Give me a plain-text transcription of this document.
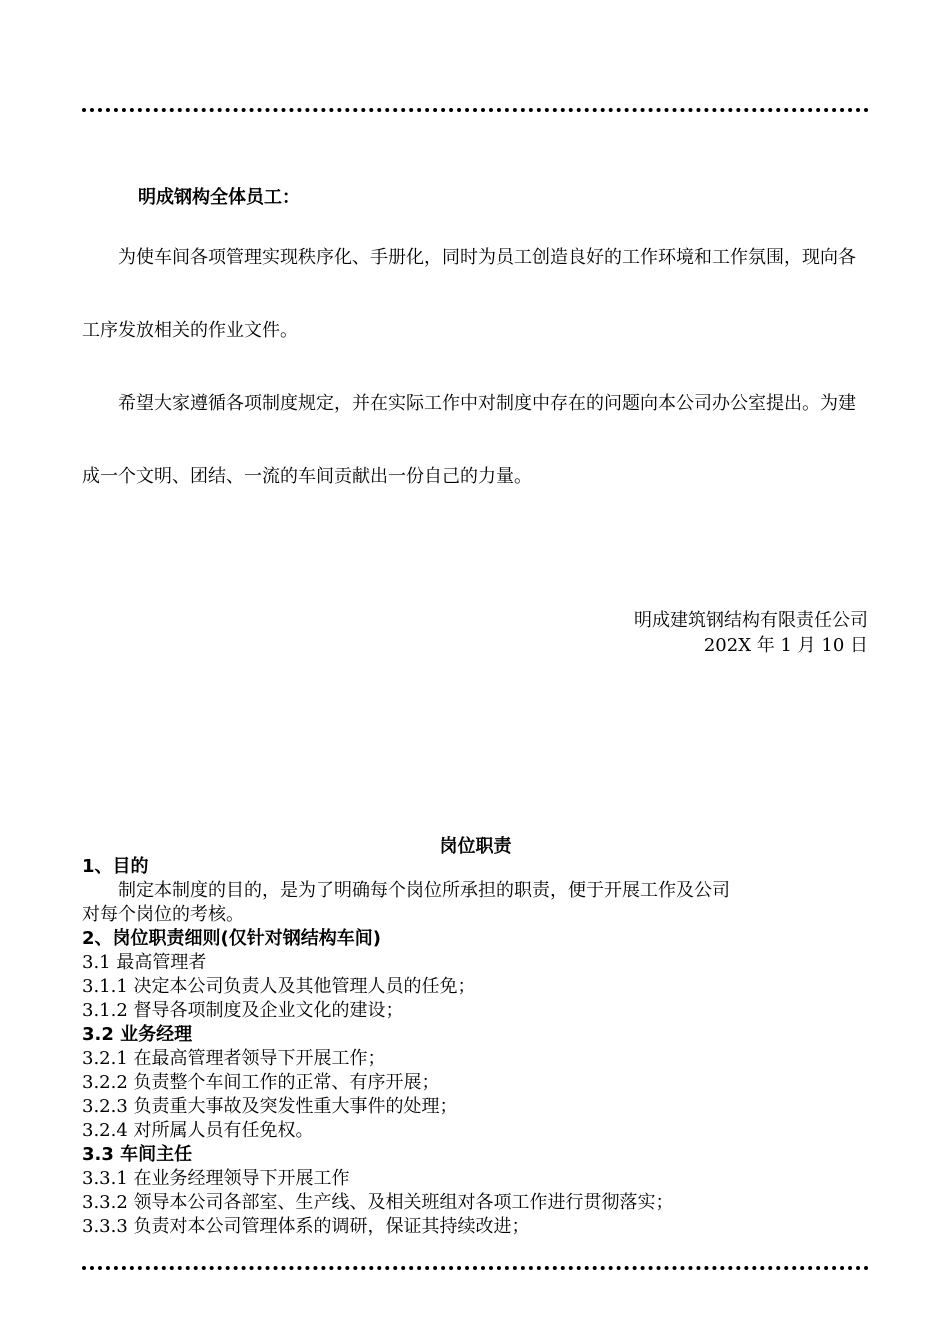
明成钢构全体员工：

为使车间各项管理实现秩序化、手册化，同时为员工创造良好的工作环境和工作氛围，现向各工序发放相关的作业文件。

希望大家遵循各项制度规定，并在实际工作中对制度中存在的问题向本公司办公室提出。为建成一个文明、团结、一流的车间贡献出一份自己的力量。

明成建筑钢结构有限责任公司
202X 年 1 月 10 日
岗位职责
1、目的
制定本制度的目的，是为了明确每个岗位所承担的职责，便于开展工作及公司
对每个岗位的考核。
2、岗位职责细则(仅针对钢结构车间)
3.1 最高管理者
3.1.1 决定本公司负责人及其他管理人员的任免；
3.1.2 督导各项制度及企业文化的建设；
3.2 业务经理
3.2.1 在最高管理者领导下开展工作；
3.2.2 负责整个车间工作的正常、有序开展；
3.2.3 负责重大事故及突发性重大事件的处理；
3.2.4 对所属人员有任免权。
3.3 车间主任
3.3.1 在业务经理领导下开展工作
3.3.2 领导本公司各部室、生产线、及相关班组对各项工作进行贯彻落实；
3.3.3 负责对本公司管理体系的调研，保证其持续改进；
